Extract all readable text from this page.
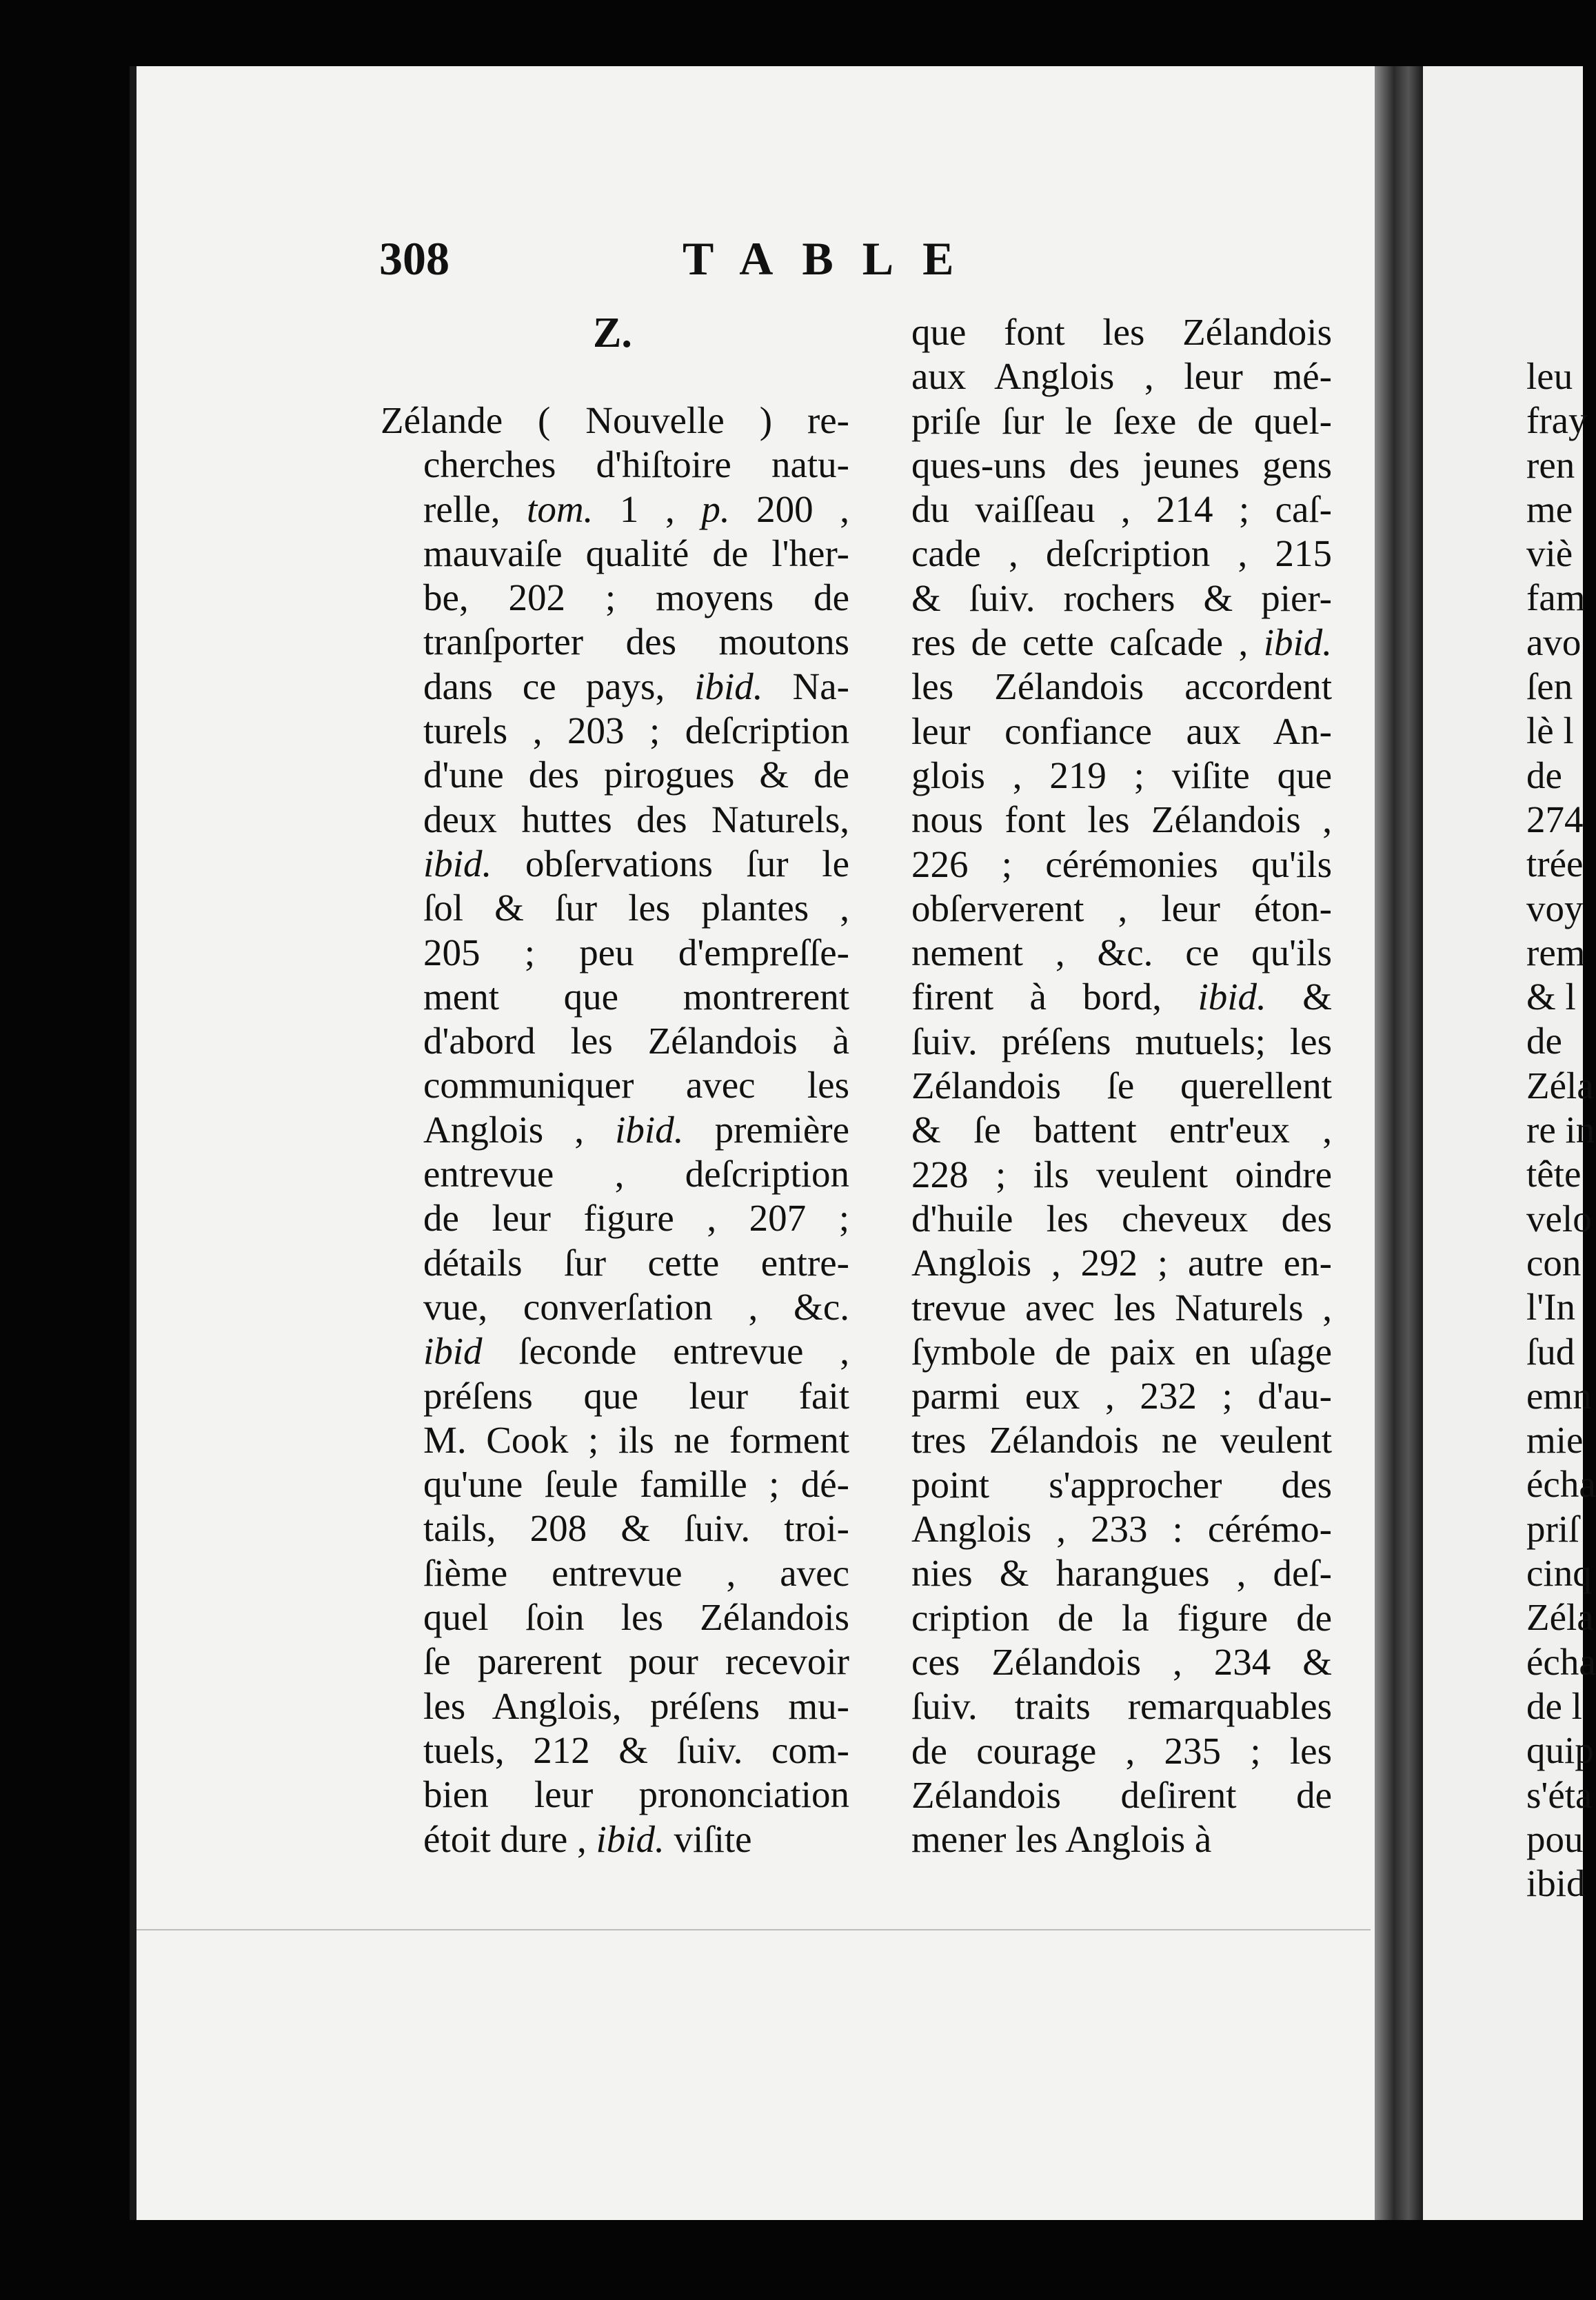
leu
fray
ren
me
viè
fam
avo
ſen
lè l
de
274
trée
voy
rem
& l
de
Zéla
re in
tête
velo
con
l'In
ſud
emn
mie
écha
priſ
cinq
Zéla
écha
de l
quip
s'éta
pou
ibid
308	TABLE
Z.
Zélande ( Nouvelle ) re-
cherches d'hiſtoire natu-
relle, tom. 1 , p. 200 ,
mauvaiſe qualité de l'her-
be, 202 ; moyens de
tranſporter des moutons
dans ce pays, ibid. Na-
turels , 203 ; deſcription
d'une des pirogues & de
deux huttes des Naturels,
ibid. obſervations ſur le
ſol & ſur les plantes ,
205 ; peu d'empreſſe-
ment que montrerent
d'abord les Zélandois à
communiquer avec les
Anglois , ibid. première
entrevue , deſcription
de leur figure , 207 ;
détails ſur cette entre-
vue, converſation , &c.
ibid ſeconde entrevue ,
préſens que leur fait
M. Cook ; ils ne forment
qu'une ſeule famille ; dé-
tails, 208 & ſuiv. troi-
ſième entrevue , avec
quel ſoin les Zélandois
ſe parerent pour recevoir
les Anglois, préſens mu-
tuels, 212 & ſuiv. com-
bien leur prononciation
étoit dure , ibid. viſite
que font les Zélandois
aux Anglois , leur mé-
priſe ſur le ſexe de quel-
ques-uns des jeunes gens
du vaiſſeau , 214 ; caſ-
cade , deſcription , 215
& ſuiv. rochers & pier-
res de cette caſcade , ibid.
les Zélandois accordent
leur confiance aux An-
glois , 219 ; viſite que
nous font les Zélandois ,
226 ; cérémonies qu'ils
obſerverent , leur éton-
nement , &c. ce qu'ils
firent à bord, ibid. &
ſuiv. préſens mutuels; les
Zélandois ſe querellent
& ſe battent entr'eux ,
228 ; ils veulent oindre
d'huile les cheveux des
Anglois , 292 ; autre en-
trevue avec les Naturels ,
ſymbole de paix en uſage
parmi eux , 232 ; d'au-
tres Zélandois ne veulent
point s'approcher des
Anglois , 233 : cérémo-
nies & harangues , deſ-
cription de la figure de
ces Zélandois , 234 &
ſuiv. traits remarquables
de courage , 235 ; les
Zélandois deſirent de
mener les Anglois à
